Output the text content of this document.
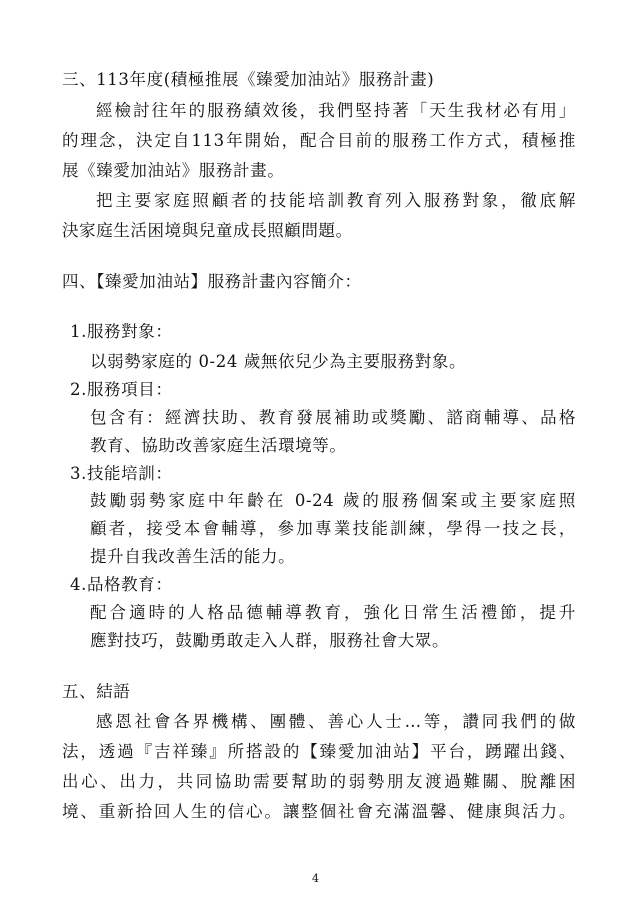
三、113年度(積極推展《臻愛加油站》服務計畫)
經檢討往年的服務績效後，我們堅持著「天生我材必有用」
的理念，決定自113年開始，配合目前的服務工作方式，積極推
展《臻愛加油站》服務計畫。
把主要家庭照顧者的技能培訓教育列入服務對象，徹底解
決家庭生活困境與兒童成長照顧問題。
四、【臻愛加油站】服務計畫內容簡介：
1.服務對象：
以弱勢家庭的 0-24 歲無依兒少為主要服務對象。
2.服務項目：
包含有：經濟扶助、教育發展補助或獎勵、諮商輔導、品格
教育、協助改善家庭生活環境等。
3.技能培訓：
鼓勵弱勢家庭中年齡在 0-24 歲的服務個案或主要家庭照
顧者，接受本會輔導，參加專業技能訓練，學得一技之長，
提升自我改善生活的能力。
4.品格教育：
配合適時的人格品德輔導教育，強化日常生活禮節，提升
應對技巧，鼓勵勇敢走入人群，服務社會大眾。
五、結語
感恩社會各界機構、團體、善心人士…等，讚同我們的做
法，透過『吉祥臻』所搭設的【臻愛加油站】平台，踴躍出錢、
出心、出力，共同協助需要幫助的弱勢朋友渡過難關、脫離困
境、重新拾回人生的信心。讓整個社會充滿溫馨、健康與活力。
4
